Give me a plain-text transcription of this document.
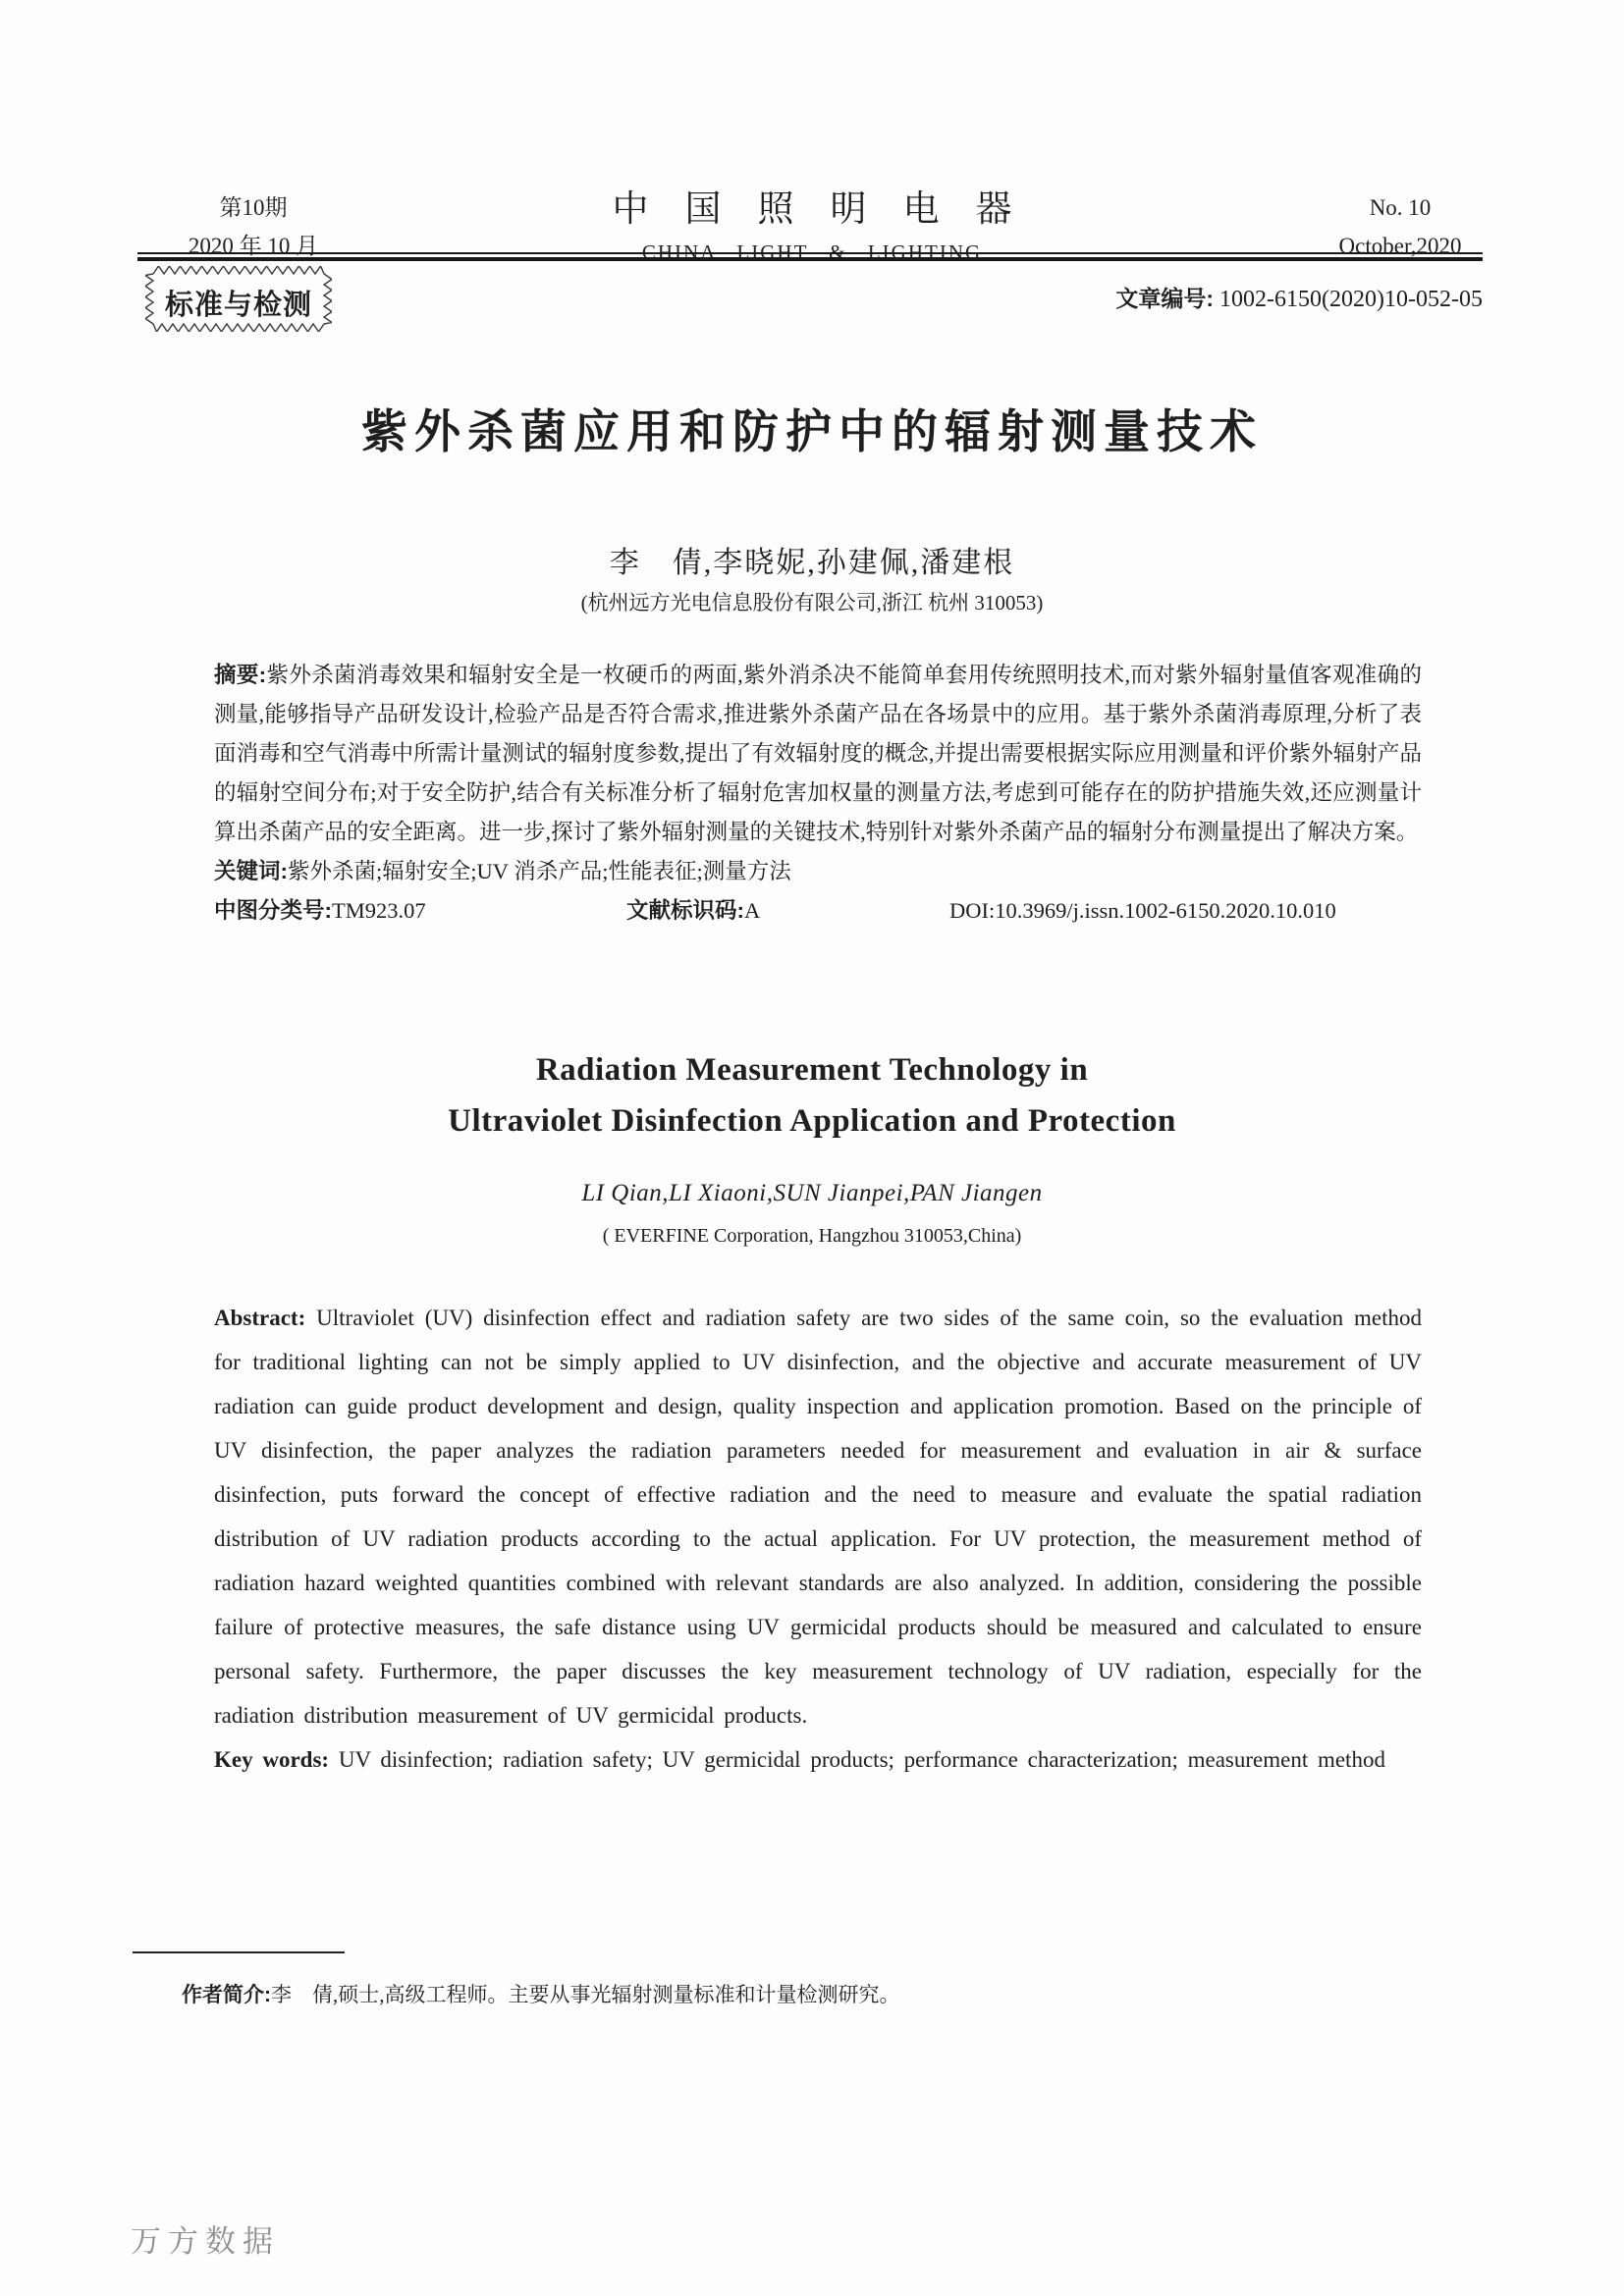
第10期
2020 年 10 月
中国照明电器
CHINA LIGHT & LIGHTING
No. 10
October,2020
标准与检测	文章编号: 1002-6150(2020)10-052-05
紫外杀菌应用和防护中的辐射测量技术
李　倩,李晓妮,孙建佩,潘建根
(杭州远方光电信息股份有限公司,浙江 杭州 310053)

摘要:紫外杀菌消毒效果和辐射安全是一枚硬币的两面,紫外消杀决不能简单套用传统照明技术,而对紫外辐射量值客观准确的测量,能够指导产品研发设计,检验产品是否符合需求,推进紫外杀菌产品在各场景中的应用。基于紫外杀菌消毒原理,分析了表面消毒和空气消毒中所需计量测试的辐射度参数,提出了有效辐射度的概念,并提出需要根据实际应用测量和评价紫外辐射产品的辐射空间分布;对于安全防护,结合有关标准分析了辐射危害加权量的测量方法,考虑到可能存在的防护措施失效,还应测量计算出杀菌产品的安全距离。进一步,探讨了紫外辐射测量的关键技术,特别针对紫外杀菌产品的辐射分布测量提出了解决方案。

关键词:紫外杀菌;辐射安全;UV 消杀产品;性能表征;测量方法

中图分类号:TM923.07	文献标识码:A	DOI:10.3969/j.issn.1002-6150.2020.10.010
Radiation Measurement Technology in
Ultraviolet Disinfection Application and Protection
LI Qian,LI Xiaoni,SUN Jianpei,PAN Jiangen
( EVERFINE Corporation, Hangzhou 310053,China)

Abstract: Ultraviolet (UV) disinfection effect and radiation safety are two sides of the same coin, so the evaluation method for traditional lighting can not be simply applied to UV disinfection, and the objective and accurate measurement of UV radiation can guide product development and design, quality inspection and application promotion. Based on the principle of UV disinfection, the paper analyzes the radiation parameters needed for measurement and evaluation in air & surface disinfection, puts forward the concept of effective radiation and the need to measure and evaluate the spatial radiation distribution of UV radiation products according to the actual application. For UV protection, the measurement method of radiation hazard weighted quantities combined with relevant standards are also analyzed. In addition, considering the possible failure of protective measures, the safe distance using UV germicidal products should be measured and calculated to ensure personal safety. Furthermore, the paper discusses the key measurement technology of UV radiation, especially for the radiation distribution measurement of UV germicidal products.

Key words: UV disinfection; radiation safety; UV germicidal products; performance characterization; measurement method

作者简介:李　倩,硕士,高级工程师。主要从事光辐射测量标准和计量检测研究。
万方数据
